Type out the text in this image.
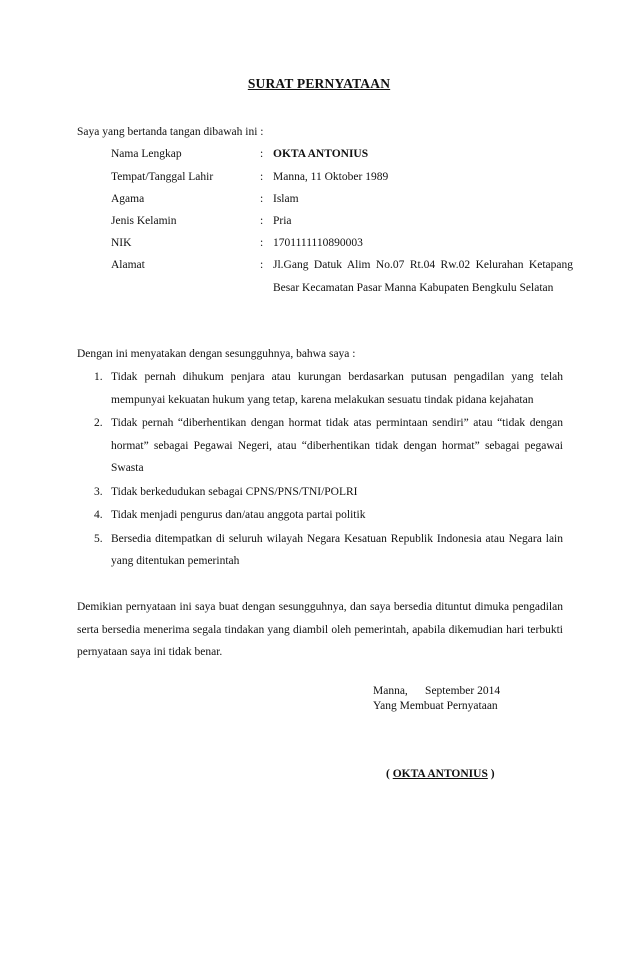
SURAT PERNYATAAN
Saya yang bertanda tangan dibawah ini :
Nama Lengkap	: OKTA ANTONIUS
Tempat/Tanggal Lahir	: Manna, 11 Oktober 1989
Agama	: Islam
Jenis Kelamin	: Pria
NIK	: 1701111110890003
Alamat	: Jl.Gang Datuk Alim No.07 Rt.04 Rw.02 Kelurahan Ketapang Besar Kecamatan Pasar Manna Kabupaten Bengkulu Selatan
Dengan ini menyatakan dengan sesungguhnya, bahwa saya :
1. Tidak pernah dihukum penjara atau kurungan berdasarkan putusan pengadilan yang telah mempunyai kekuatan hukum yang tetap, karena melakukan sesuatu tindak pidana kejahatan
2. Tidak pernah “diberhentikan dengan hormat tidak atas permintaan sendiri” atau “tidak dengan hormat” sebagai Pegawai Negeri, atau “diberhentikan tidak dengan hormat” sebagai pegawai Swasta
3. Tidak berkedudukan sebagai CPNS/PNS/TNI/POLRI
4. Tidak menjadi pengurus dan/atau anggota partai politik
5. Bersedia ditempatkan di seluruh wilayah Negara Kesatuan Republik Indonesia atau Negara lain yang ditentukan pemerintah
Demikian pernyataan ini saya buat dengan sesungguhnya, dan saya bersedia dituntut dimuka pengadilan serta bersedia menerima segala tindakan yang diambil oleh pemerintah, apabila dikemudian hari terbukti pernyataan saya ini tidak benar.
Manna,      September 2014
Yang Membuat Pernyataan
( OKTA ANTONIUS )
